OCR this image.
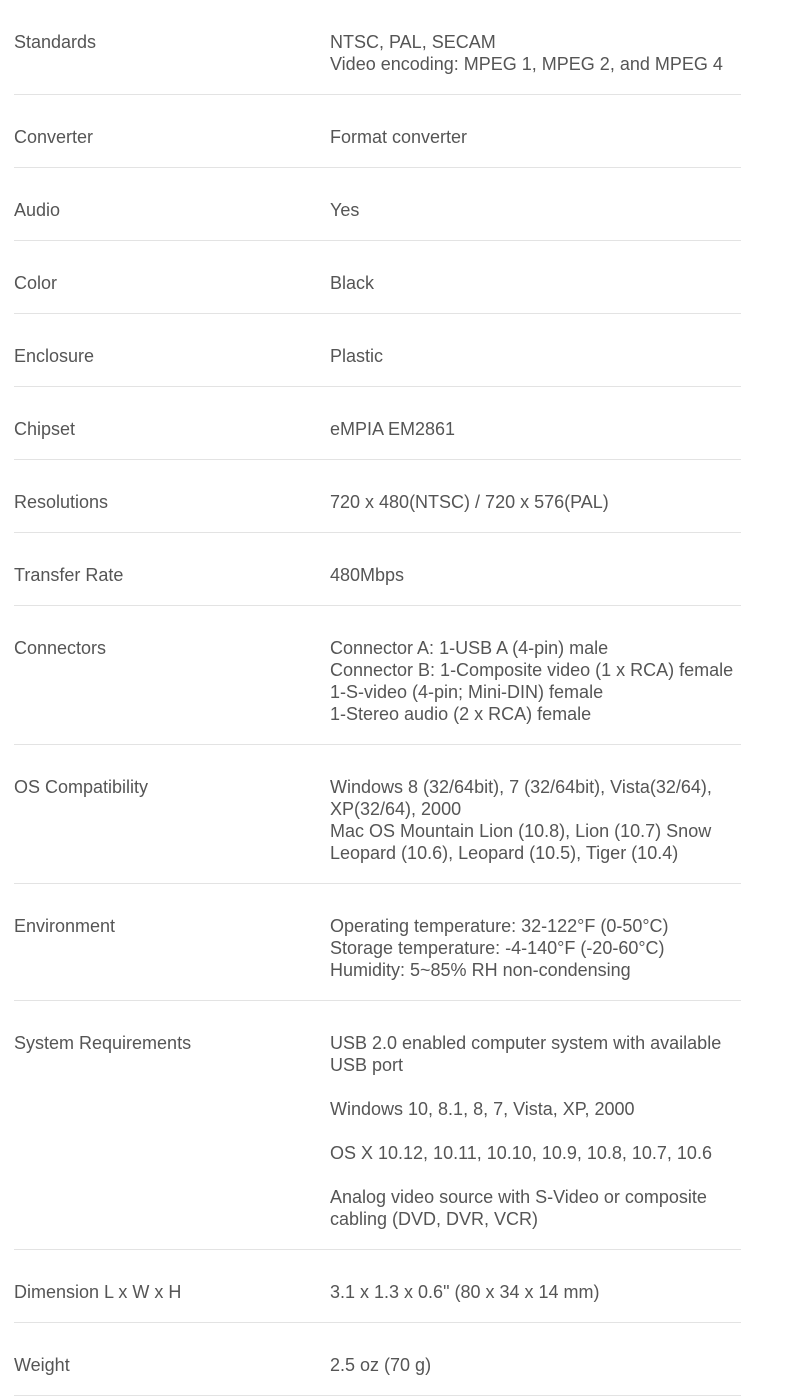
Standards	NTSC, PAL, SECAM
Video encoding: MPEG 1, MPEG 2, and MPEG 4
Converter	Format converter
Audio	Yes
Color	Black
Enclosure	Plastic
Chipset	eMPIA EM2861
Resolutions	720 x 480(NTSC) / 720 x 576(PAL)
Transfer Rate	480Mbps
Connectors	Connector A: 1-USB A (4-pin) male
Connector B: 1-Composite video (1 x RCA) female
1-S-video (4-pin; Mini-DIN) female
1-Stereo audio (2 x RCA) female
OS Compatibility	Windows 8 (32/64bit), 7 (32/64bit), Vista(32/64),
XP(32/64), 2000
Mac OS Mountain Lion (10.8), Lion (10.7) Snow
Leopard (10.6), Leopard (10.5), Tiger (10.4)
Environment	Operating temperature: 32-122°F (0-50°C)
Storage temperature: -4-140°F (-20-60°C)
Humidity: 5~85% RH non-condensing
System Requirements	USB 2.0 enabled computer system with available
USB port
Windows 10, 8.1, 8, 7, Vista, XP, 2000
OS X 10.12, 10.11, 10.10, 10.9, 10.8, 10.7, 10.6
Analog video source with S-Video or composite
cabling (DVD, DVR, VCR)
Dimension L x W x H	3.1 x 1.3 x 0.6" (80 x 34 x 14 mm)
Weight	2.5 oz (70 g)
